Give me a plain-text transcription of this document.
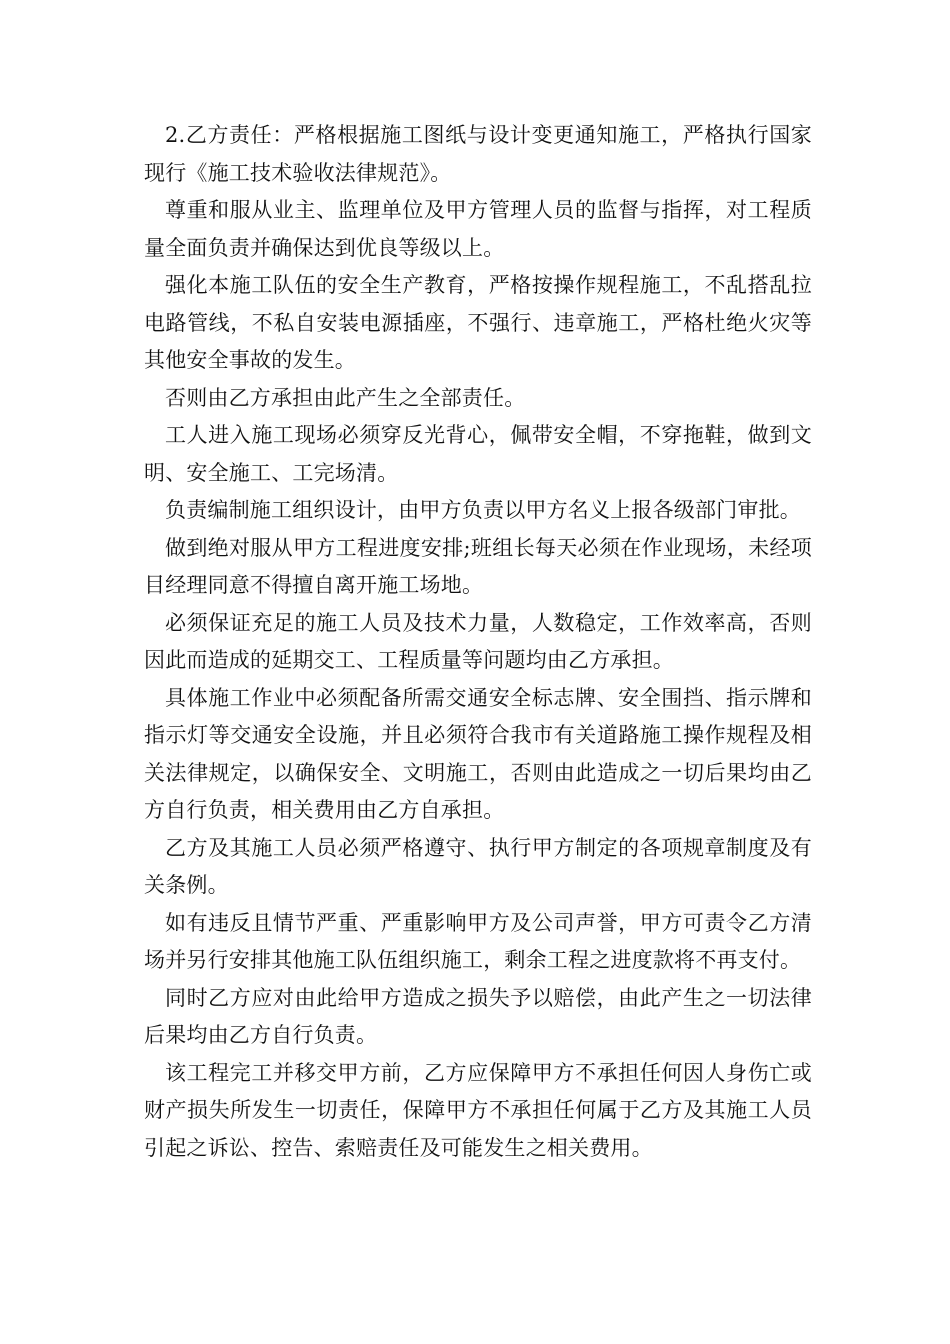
2.乙方责任：严格根据施工图纸与设计变更通知施工，严格执行国家现行《施工技术验收法律规范》。

尊重和服从业主、监理单位及甲方管理人员的监督与指挥，对工程质量全面负责并确保达到优良等级以上。

强化本施工队伍的安全生产教育，严格按操作规程施工，不乱搭乱拉电路管线，不私自安装电源插座，不强行、违章施工，严格杜绝火灾等其他安全事故的发生。

否则由乙方承担由此产生之全部责任。

工人进入施工现场必须穿反光背心，佩带安全帽，不穿拖鞋，做到文明、安全施工、工完场清。

负责编制施工组织设计，由甲方负责以甲方名义上报各级部门审批。

做到绝对服从甲方工程进度安排;班组长每天必须在作业现场，未经项目经理同意不得擅自离开施工场地。

必须保证充足的施工人员及技术力量，人数稳定，工作效率高，否则因此而造成的延期交工、工程质量等问题均由乙方承担。

具体施工作业中必须配备所需交通安全标志牌、安全围挡、指示牌和指示灯等交通安全设施，并且必须符合我市有关道路施工操作规程及相关法律规定，以确保安全、文明施工，否则由此造成之一切后果均由乙方自行负责，相关费用由乙方自承担。

乙方及其施工人员必须严格遵守、执行甲方制定的各项规章制度及有关条例。

如有违反且情节严重、严重影响甲方及公司声誉，甲方可责令乙方清场并另行安排其他施工队伍组织施工，剩余工程之进度款将不再支付。

同时乙方应对由此给甲方造成之损失予以赔偿，由此产生之一切法律后果均由乙方自行负责。

该工程完工并移交甲方前，乙方应保障甲方不承担任何因人身伤亡或财产损失所发生一切责任，保障甲方不承担任何属于乙方及其施工人员引起之诉讼、控告、索赔责任及可能发生之相关费用。
